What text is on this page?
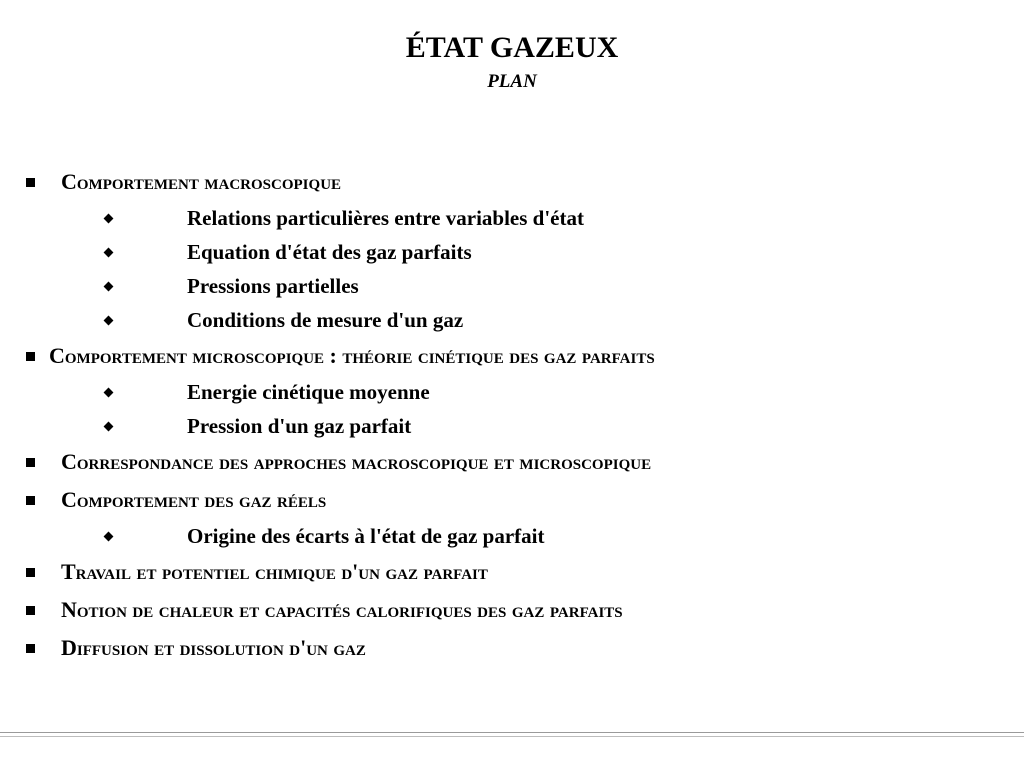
ÉTAT GAZEUX
PLAN
Comportement macroscopique
Relations particulières entre variables d'état
Equation d'état des gaz parfaits
Pressions partielles
Conditions de mesure d'un gaz
Comportement microscopique : théorie cinétique des gaz parfaits
Energie cinétique moyenne
Pression d'un gaz parfait
Correspondance des approches macroscopique et microscopique
Comportement des gaz réels
Origine des écarts à l'état de gaz parfait
Travail et potentiel chimique d'un gaz parfait
Notion de chaleur et capacités calorifiques des gaz parfaits
Diffusion et dissolution d'un gaz
